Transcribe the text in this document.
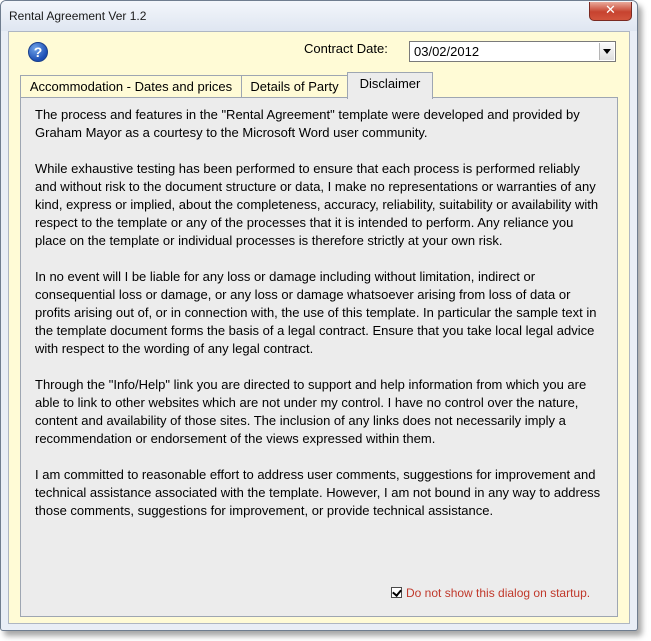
Rental Agreement Ver 1.2	✕
?	Contract Date: 03/02/2012
Accommodation - Dates and prices	Details of Party	Disclaimer

The process and features in the "Rental Agreement" template were developed and provided by Graham Mayor as a courtesy to the Microsoft Word user community.

While exhaustive testing has been performed to ensure that each process is performed reliably and without risk to the document structure or data, I make no representations or warranties of any kind, express or implied, about the completeness, accuracy, reliability, suitability or availability with respect to the template or any of the processes that it is intended to perform. Any reliance you place on the template or individual processes is therefore strictly at your own risk.

In no event will I be liable for any loss or damage including without limitation, indirect or consequential loss or damage, or any loss or damage whatsoever arising from loss of data or profits arising out of, or in connection with, the use of this template. In particular the sample text in the template document forms the basis of a legal contract. Ensure that you take local legal advice with respect to the wording of any legal contract.

Through the "Info/Help" link you are directed to support and help information from which you are able to link to other websites which are not under my control. I have no control over the nature, content and availability of those sites. The inclusion of any links does not necessarily imply a recommendation or endorsement of the views expressed within them.

I am committed to reasonable effort to address user comments, suggestions for improvement and technical assistance associated with the template. However, I am not bound in any way to address those comments, suggestions for improvement, or provide technical assistance.

Do not show this dialog on startup.
